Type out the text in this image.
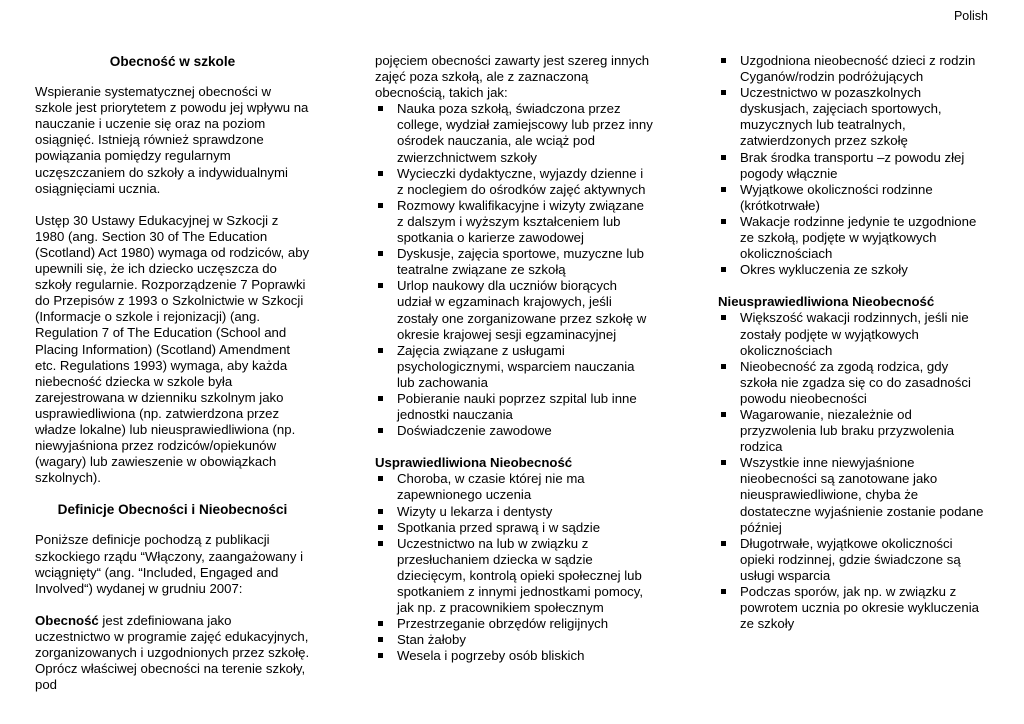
Polish
Obecność w szkole

Wspieranie systematycznej obecności w szkole jest priorytetem z powodu jej wpływu na nauczanie i uczenie się oraz na poziom osiągnięć. Istnieją również sprawdzone powiązania pomiędzy regularnym uczęszczaniem do szkoły a indywidualnymi osiągnięciami ucznia.

Ustęp 30 Ustawy Edukacyjnej w Szkocji z 1980 (ang. Section 30 of The Education (Scotland) Act 1980) wymaga od rodziców, aby upewnili się, że ich dziecko uczęszcza do szkoły regularnie. Rozporządzenie 7 Poprawki do Przepisów z 1993 o Szkolnictwie w Szkocji (Informacje o szkole i rejonizacji) (ang. Regulation 7 of The Education (School and Placing Information) (Scotland) Amendment etc. Regulations 1993) wymaga, aby każda niebecność dziecka w szkole była zarejestrowana w dzienniku szkolnym jako usprawiedliwiona (np. zatwierdzona przez władze lokalne) lub nieusprawiedliwiona (np. niewyjaśniona przez rodziców/opiekunów (wagary) lub zawieszenie w obowiązkach szkolnych).

Definicje Obecności i Nieobecności

Poniższe definicje pochodzą z publikacji szkockiego rządu “Włączony, zaangażowany i wciągnięty“ (ang. “Included, Engaged and Involved“) wydanej w grudniu 2007:

Obecność jest zdefiniowana jako uczestnictwo w programie zajęć edukacyjnych, zorganizowanych i uzgodnionych przez szkołę. Oprócz właściwej obecności na terenie szkoły, pod

pojęciem obecności zawarty jest szereg innych zajęć poza szkołą, ale z zaznaczoną obecnością, takich jak:

Nauka poza szkołą, świadczona przez college, wydział zamiejscowy lub przez inny ośrodek nauczania, ale wciąż pod zwierzchnictwem szkoły
Wycieczki dydaktyczne, wyjazdy dzienne i z noclegiem do ośrodków zajęć aktywnych
Rozmowy kwalifikacyjne i wizyty związane z dalszym i wyższym kształceniem lub spotkania o karierze zawodowej
Dyskusje, zajęcia sportowe, muzyczne lub teatralne związane ze szkołą
Urlop naukowy dla uczniów biorących udział w egzaminach krajowych, jeśli zostały one zorganizowane przez szkołę w okresie krajowej sesji egzaminacyjnej
Zajęcia związane z usługami psychologicznymi, wsparciem nauczania lub zachowania
Pobieranie nauki poprzez szpital lub inne jednostki nauczania
Doświadczenie zawodowe

Usprawiedliwiona Nieobecność

Choroba, w czasie której nie ma zapewnionego uczenia
Wizyty u lekarza i dentysty
Spotkania przed sprawą i w sądzie
Uczestnictwo na lub w związku z przesłuchaniem dziecka w sądzie dziecięcym, kontrolą opieki społecznej lub spotkaniem z innymi jednostkami pomocy, jak np. z pracownikiem społecznym
Przestrzeganie obrzędów religijnych
Stan żałoby
Wesela i pogrzeby osób bliskich
Uzgodniona nieobecność dzieci z rodzin Cyganów/rodzin podróżujących
Uczestnictwo w pozaszkolnych dyskusjach, zajęciach sportowych, muzycznych lub teatralnych, zatwierdzonych przez szkołę
Brak środka transportu –z powodu złej pogody włącznie
Wyjątkowe okoliczności rodzinne (krótkotrwałe)
Wakacje rodzinne jedynie te uzgodnione ze szkołą, podjęte w wyjątkowych okolicznościach
Okres wykluczenia ze szkoły

Nieusprawiedliwiona Nieobecność

Większość wakacji rodzinnych, jeśli nie zostały podjęte w wyjątkowych okolicznościach
Nieobecność za zgodą rodzica, gdy szkoła nie zgadza się co do zasadności powodu nieobecności
Wagarowanie, niezależnie od przyzwolenia lub braku przyzwolenia rodzica
Wszystkie inne niewyjaśnione nieobecności są zanotowane jako nieusprawiedliwione, chyba że dostateczne wyjaśnienie zostanie podane później
Długotrwałe, wyjątkowe okoliczności opieki rodzinnej, gdzie świadczone są usługi wsparcia
Podczas sporów, jak np. w związku z powrotem ucznia po okresie wykluczenia ze szkoły
